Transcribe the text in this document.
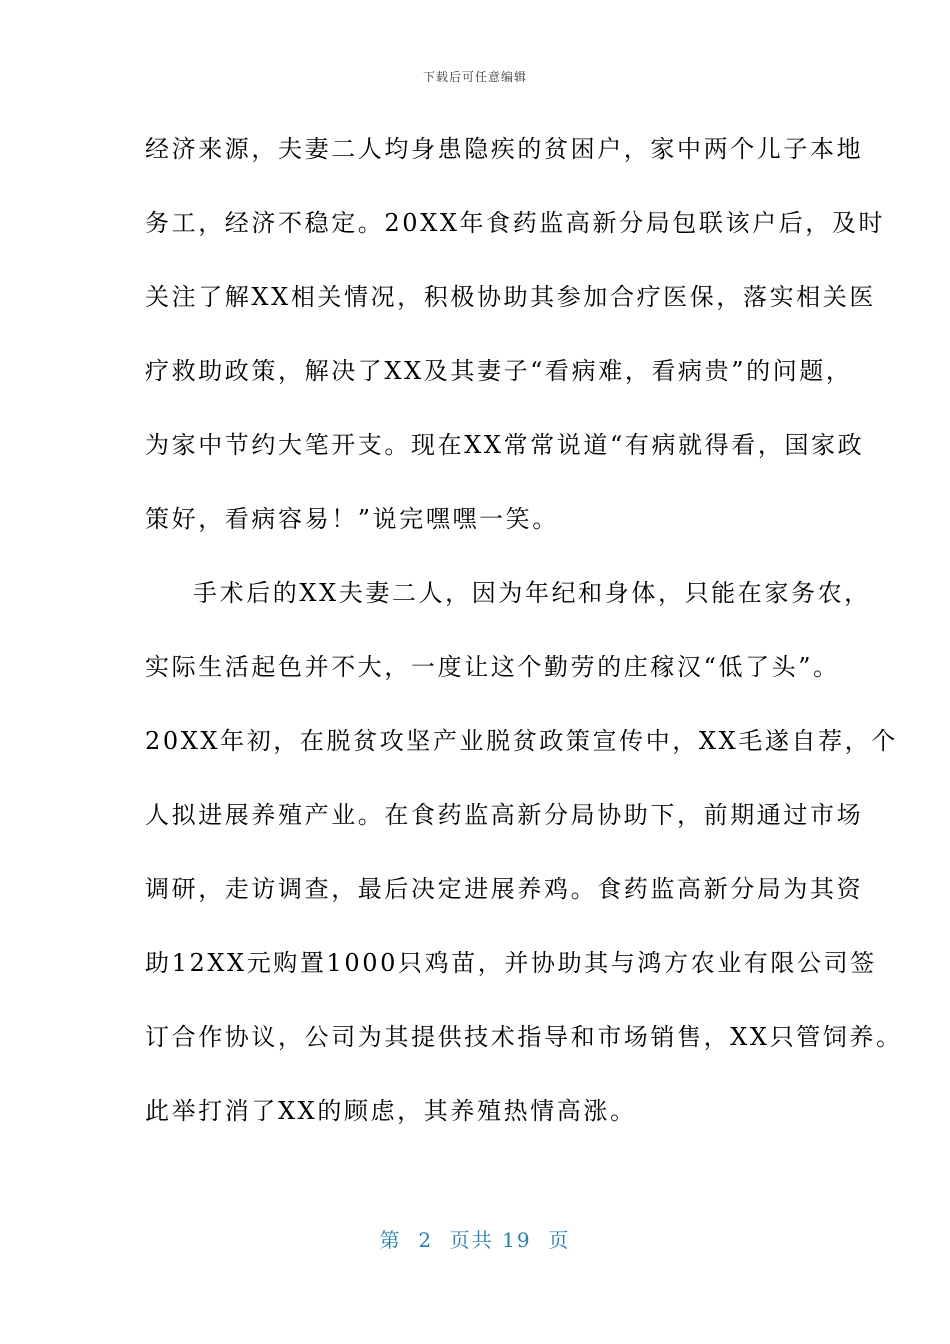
下载后可任意编辑
经济来源，夫妻二人均身患隐疾的贫困户，家中两个儿子本地
务工，经济不稳定。20XX年食药监高新分局包联该户后，及时
关注了解XX相关情况，积极协助其参加合疗医保，落实相关医
疗救助政策，解决了XX及其妻子“看病难，看病贵”的问题，
为家中节约大笔开支。现在XX常常说道“有病就得看，国家政
策好，看病容易！”说完嘿嘿一笑。
手术后的XX夫妻二人，因为年纪和身体，只能在家务农，
实际生活起色并不大，一度让这个勤劳的庄稼汉“低了头”。
20XX年初，在脱贫攻坚产业脱贫政策宣传中，XX毛遂自荐，个
人拟进展养殖产业。在食药监高新分局协助下，前期通过市场
调研，走访调查，最后决定进展养鸡。食药监高新分局为其资
助12XX元购置1000只鸡苗，并协助其与鸿方农业有限公司签
订合作协议，公司为其提供技术指导和市场销售，XX只管饲养。
此举打消了XX的顾虑，其养殖热情高涨。
第  2  页共 19  页
